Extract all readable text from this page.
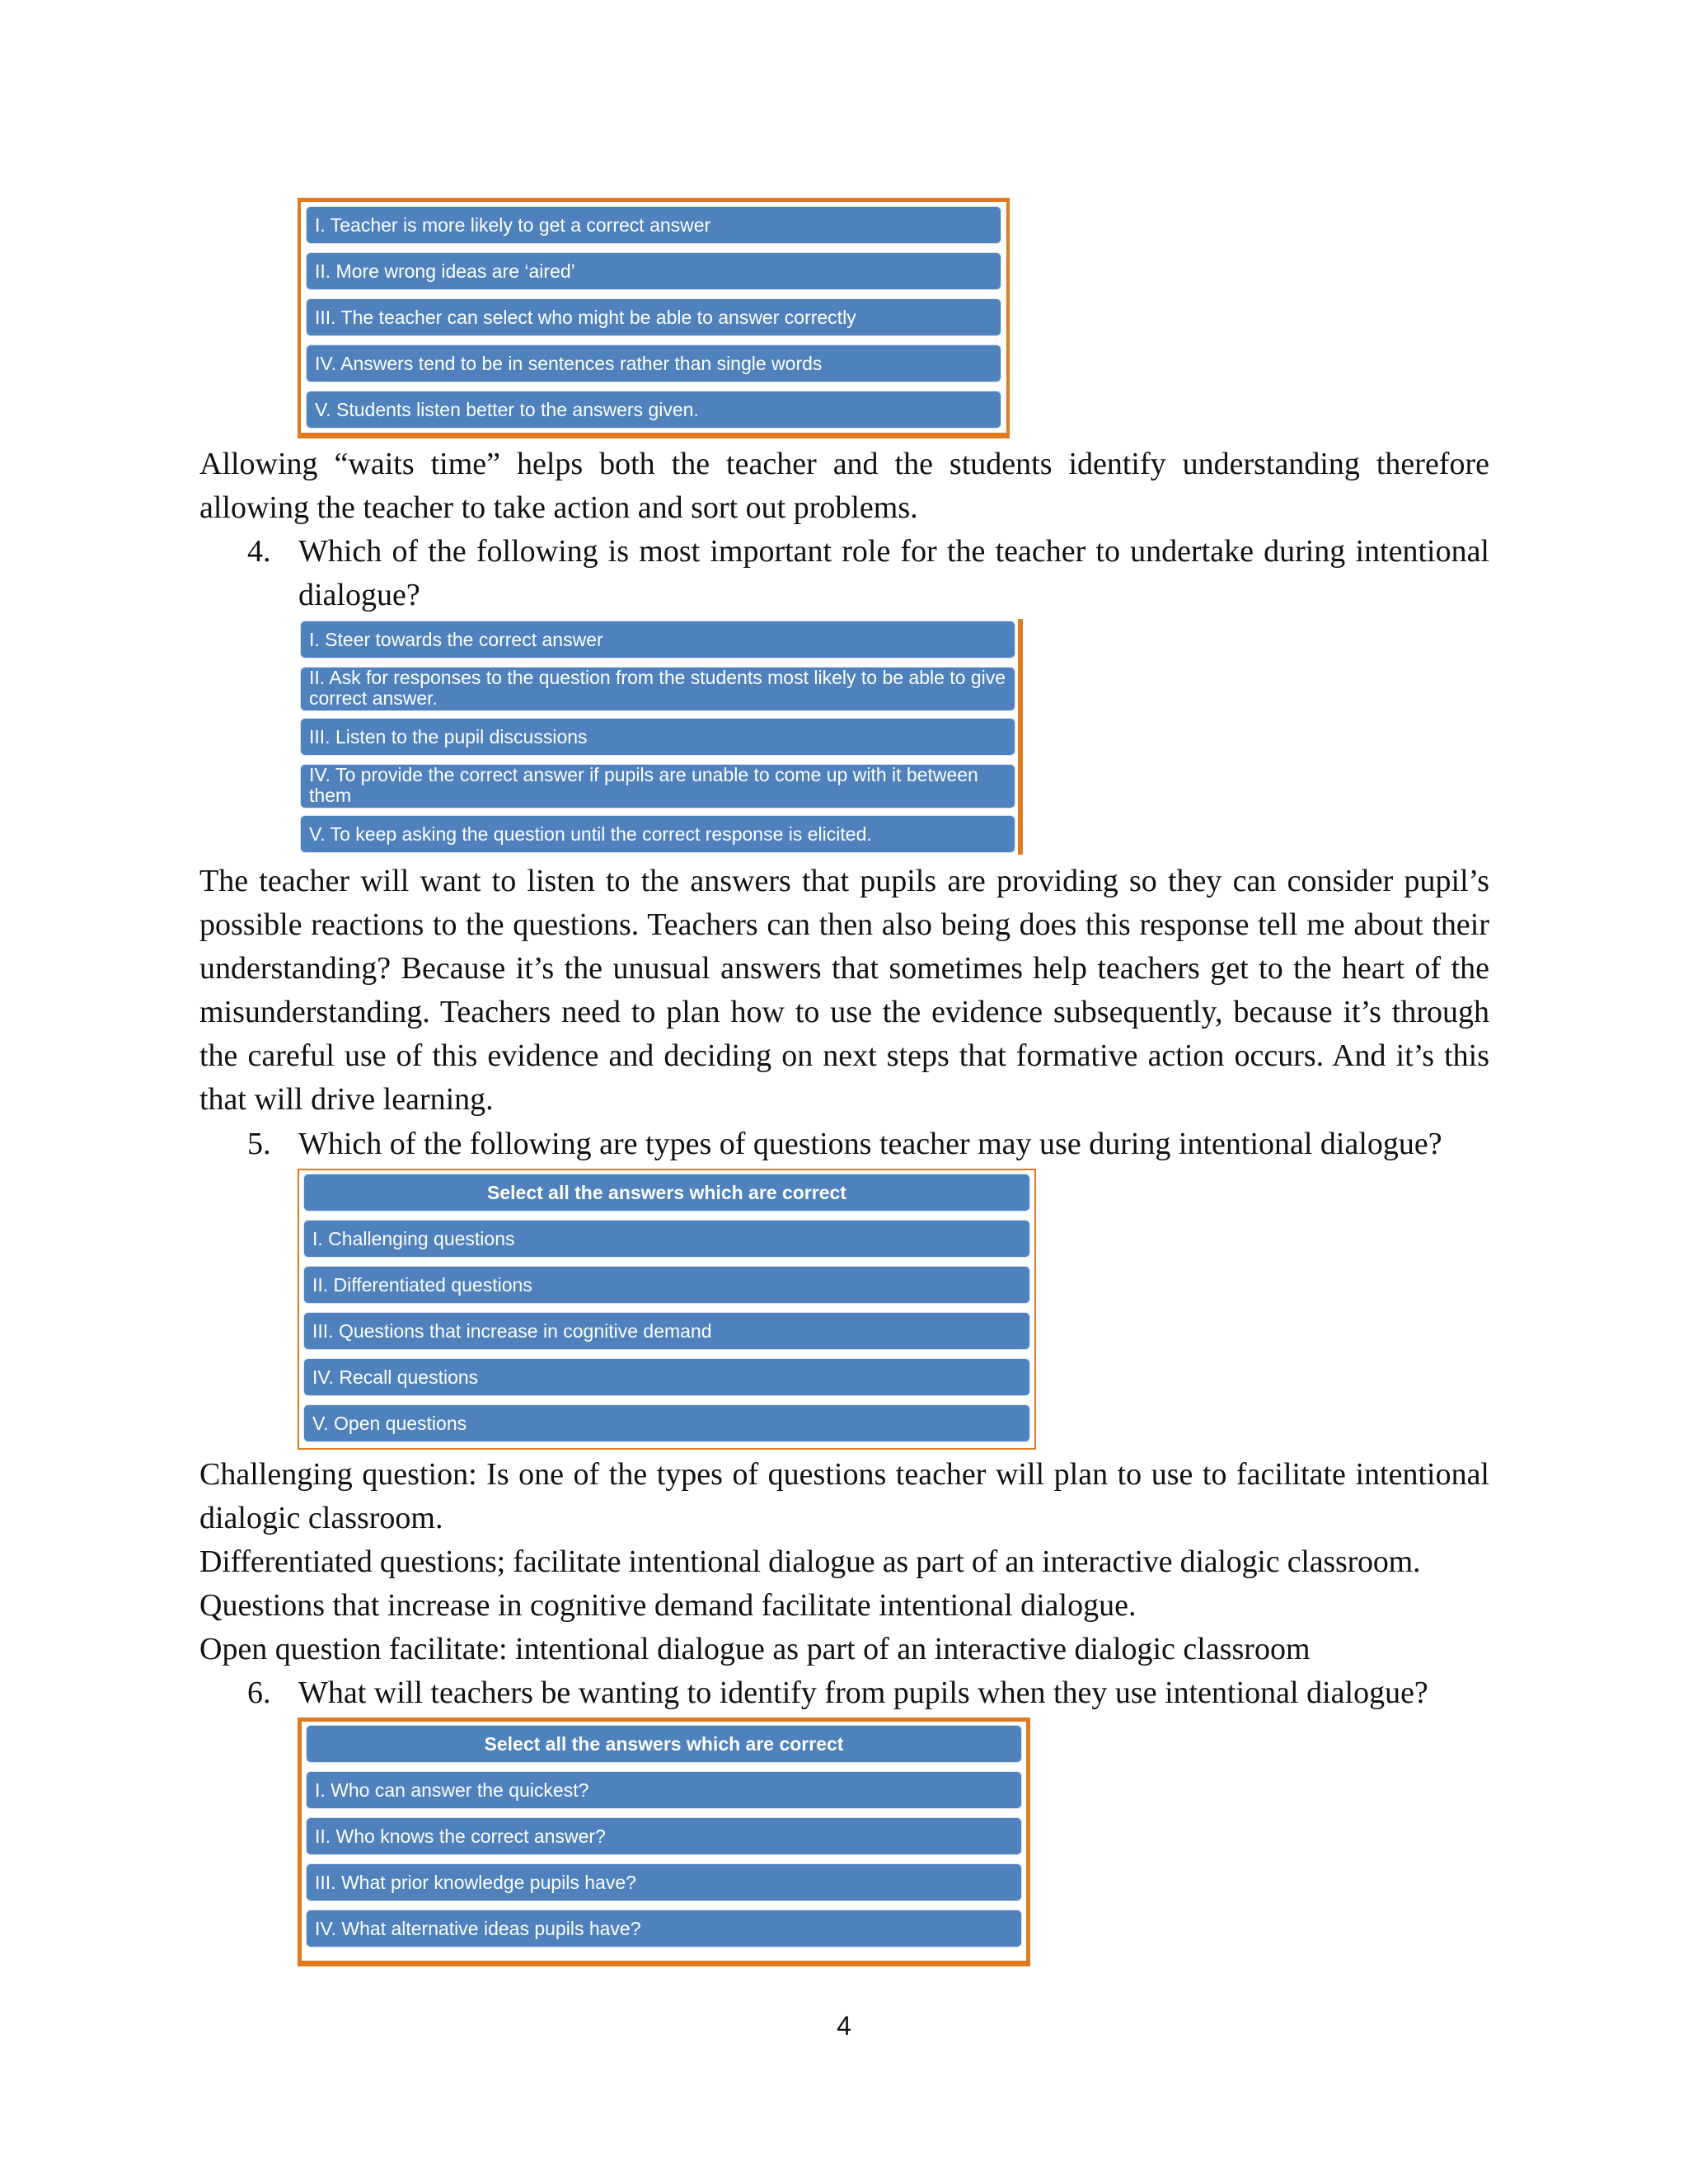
I. Teacher is more likely to get a correct answer
II. More wrong ideas are ‘aired’
III. The teacher can select who might be able to answer correctly
IV. Answers tend to be in sentences rather than single words
V. Students listen better to the answers given.
Allowing “waits time” helps both the teacher and the students identify understanding therefore allowing the teacher to take action and sort out problems.
4. Which of the following is most important role for the teacher to undertake during intentional dialogue?
I. Steer towards the correct answer
II. Ask for responses to the question from the students most likely to be able to give correct answer.
III. Listen to the pupil discussions
IV. To provide the correct answer if pupils are unable to come up with it between them
V. To keep asking the question until the correct response is elicited.
The teacher will want to listen to the answers that pupils are providing so they can consider pupil’s possible reactions to the questions. Teachers can then also being does this response tell me about their understanding? Because it’s the unusual answers that sometimes help teachers get to the heart of the misunderstanding. Teachers need to plan how to use the evidence subsequently, because it’s through the careful use of this evidence and deciding on next steps that formative action occurs. And it’s this that will drive learning.
5. Which of the following are types of questions teacher may use during intentional dialogue?
Select all the answers which are correct
I. Challenging questions
II. Differentiated questions
III. Questions that increase in cognitive demand
IV. Recall questions
V. Open questions
Challenging question: Is one of the types of questions teacher will plan to use to facilitate intentional dialogic classroom.
Differentiated questions; facilitate intentional dialogue as part of an interactive dialogic classroom.
Questions that increase in cognitive demand facilitate intentional dialogue.
Open question facilitate: intentional dialogue as part of an interactive dialogic classroom
6. What will teachers be wanting to identify from pupils when they use intentional dialogue?
Select all the answers which are correct
I. Who can answer the quickest?
II. Who knows the correct answer?
III. What prior knowledge pupils have?
IV. What alternative ideas pupils have?
4
